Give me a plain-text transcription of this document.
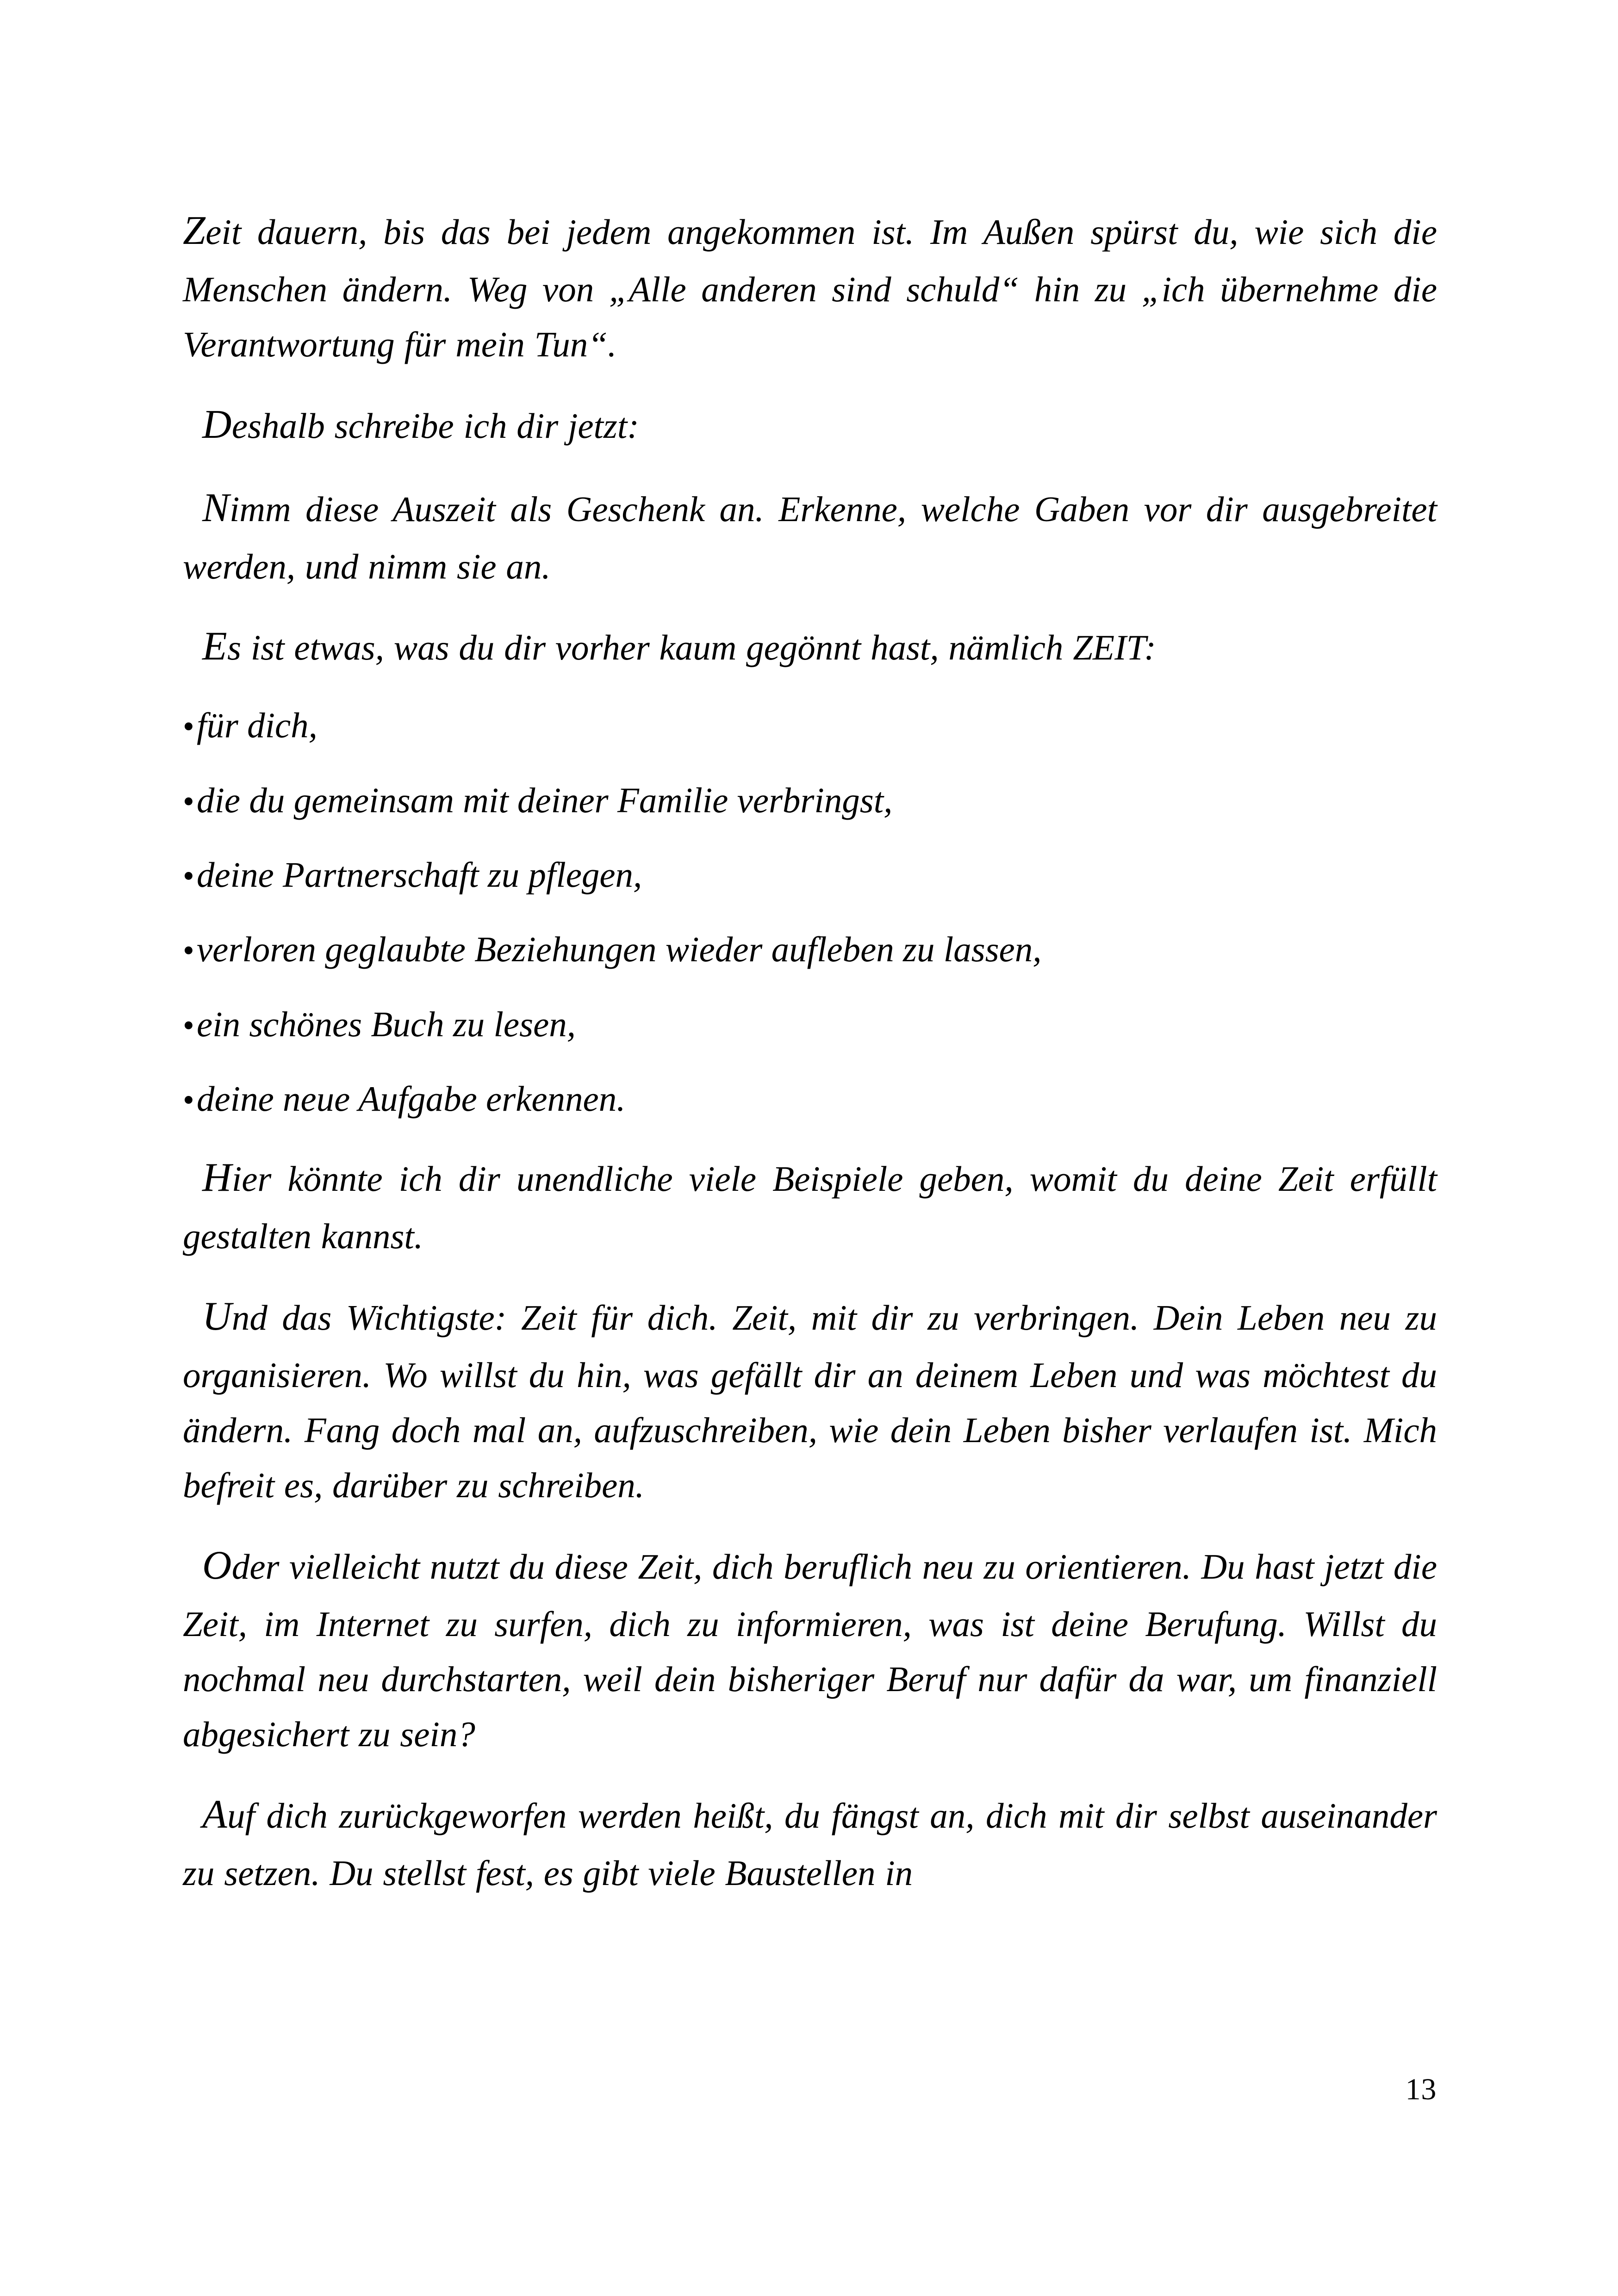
Zeit dauern, bis das bei jedem angekommen ist. Im Außen spürst du, wie sich die Menschen ändern. Weg von „Alle anderen sind schuld“ hin zu „ich übernehme die Verantwortung für mein Tun“.

Deshalb schreibe ich dir jetzt:

Nimm diese Auszeit als Geschenk an. Erkenne, welche Gaben vor dir ausgebreitet werden, und nimm sie an.

Es ist etwas, was du dir vorher kaum gegönnt hast, nämlich ZEIT:

•für dich,
•die du gemeinsam mit deiner Familie verbringst,
•deine Partnerschaft zu pflegen,
•verloren geglaubte Beziehungen wieder aufleben zu lassen,
•ein schönes Buch zu lesen,
•deine neue Aufgabe erkennen.

Hier könnte ich dir unendliche viele Beispiele geben, womit du deine Zeit erfüllt gestalten kannst.

Und das Wichtigste: Zeit für dich. Zeit, mit dir zu verbringen. Dein Leben neu zu organisieren. Wo willst du hin, was gefällt dir an deinem Leben und was möchtest du ändern. Fang doch mal an, aufzuschreiben, wie dein Leben bisher verlaufen ist. Mich befreit es, darüber zu schreiben.

Oder vielleicht nutzt du diese Zeit, dich beruflich neu zu orientieren. Du hast jetzt die Zeit, im Internet zu surfen, dich zu informieren, was ist deine Berufung. Willst du nochmal neu durchstarten, weil dein bisheriger Beruf nur dafür da war, um finanziell abgesichert zu sein?

Auf dich zurückgeworfen werden heißt, du fängst an, dich mit dir selbst auseinander zu setzen. Du stellst fest, es gibt viele Baustellen in

13
